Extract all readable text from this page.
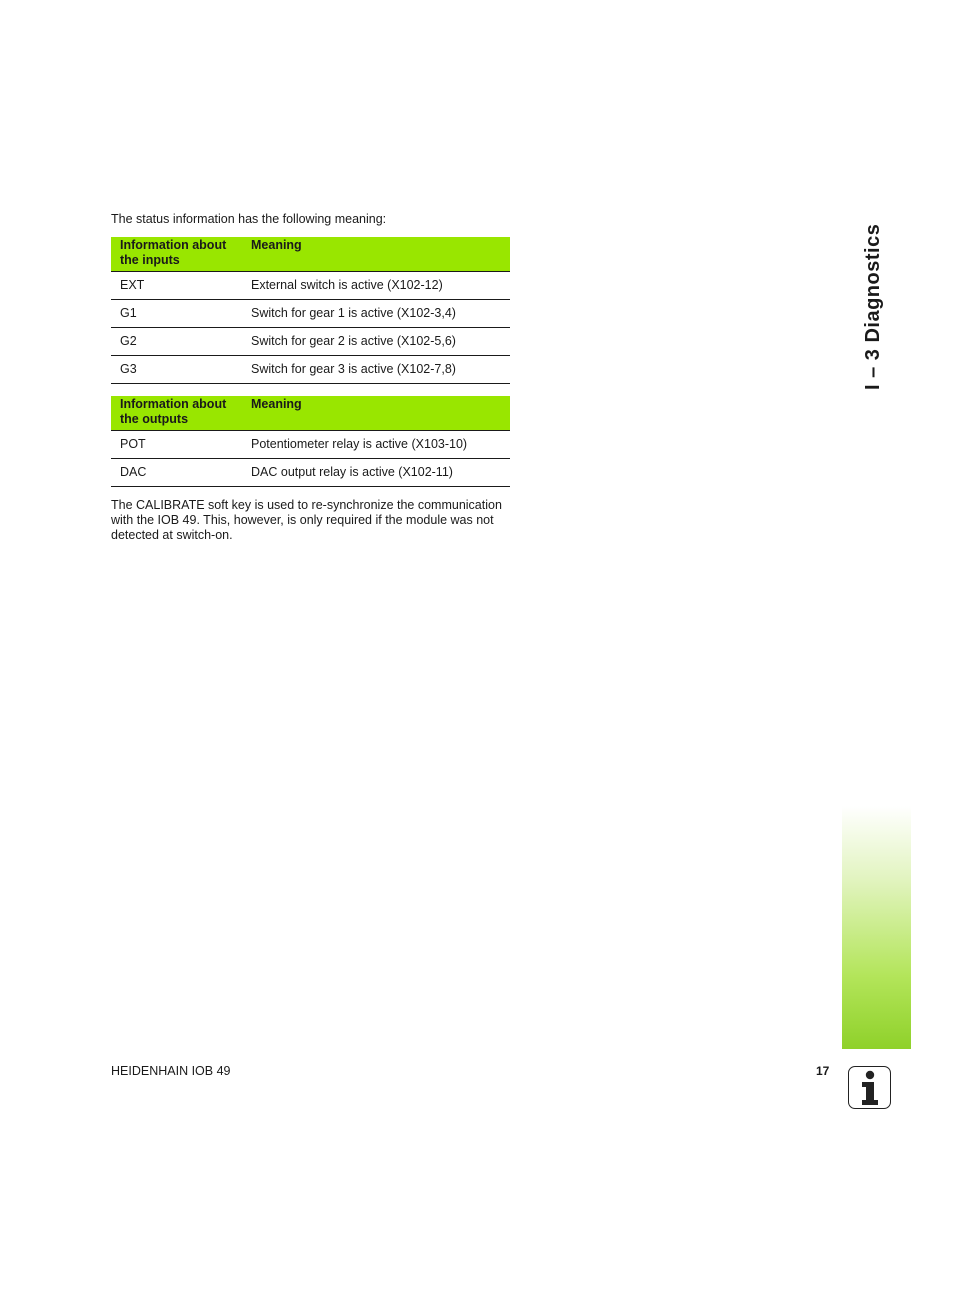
The status information has the following meaning:

Information about the inputs	Meaning
EXT	External switch is active (X102-12)
G1	Switch for gear 1 is active (X102-3,4)
G2	Switch for gear 2 is active (X102-5,6)
G3	Switch for gear 3 is active (X102-7,8)
Information about the outputs	Meaning
POT	Potentiometer relay is active (X103-10)
DAC	DAC output relay is active (X102-11)

The CALIBRATE soft key is used to re-synchronize the communication with the IOB 49. This, however, is only required if the module was not detected at switch-on.

I – 3 Diagnostics
HEIDENHAIN IOB 49	17
